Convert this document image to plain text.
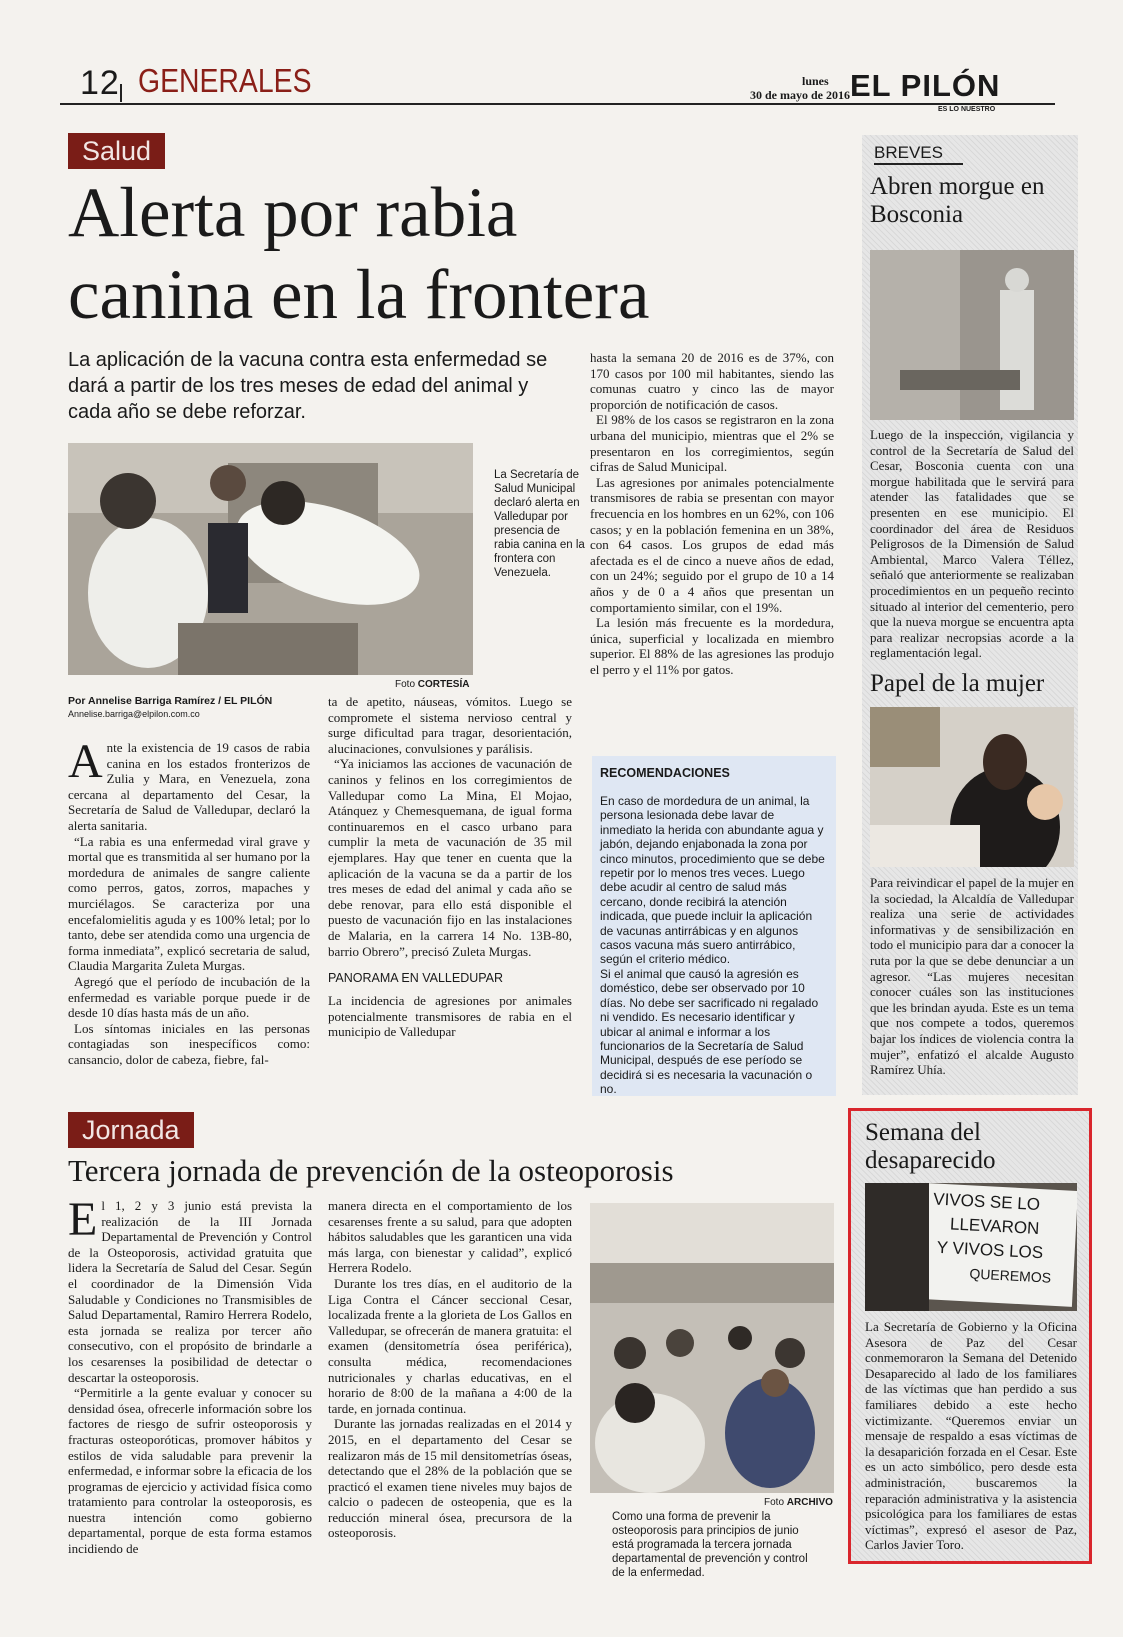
12 GENERALES	lunes
30 de mayo de 2016 EL PILÓN
ES LO NUESTRO
Salud
Alerta por rabia
canina en la frontera
La aplicación de la vacuna contra esta enfermedad se
dará a partir de los tres meses de edad del animal y
cada año se debe reforzar.
La Secretaría de Salud Municipal declaró alerta en Valledupar por presencia de rabia canina en la frontera con Venezuela.
Foto CORTESÍA
Por Annelise Barriga Ramírez / EL PILÓN
Annelise.barriga@elpilon.com.co
A nte la existencia de 19 casos de rabia canina en los estados fronterizos de Zulia y Mara, en Venezuela, zona cercana al departamento del Cesar, la Secretaría de Salud de Valledupar, declaró la alerta sanitaria.

“La rabia es una enfermedad viral grave y mortal que es transmitida al ser humano por la mordedura de animales de sangre caliente como perros, gatos, zorros, mapaches y murciélagos. Se caracteriza por una encefalomielitis aguda y es 100% letal; por lo tanto, debe ser atendida como una urgencia de forma inmediata”, explicó secretaria de salud, Claudia Margarita Zuleta Murgas.

Agregó que el período de incubación de la enfermedad es variable porque puede ir de desde 10 días hasta más de un año.

Los síntomas iniciales en las personas contagiadas son inespecíficos como: cansancio, dolor de cabeza, fiebre, fal-

ta de apetito, náuseas, vómitos. Luego se compromete el sistema nervioso central y surge dificultad para tragar, desorientación, alucinaciones, convulsiones y parálisis.

“Ya iniciamos las acciones de vacunación de caninos y felinos en los corregimientos de Valledupar como La Mina, El Mojao, Atánquez y Chemesquemana, de igual forma continuaremos en el casco urbano para cumplir la meta de vacunación de 35 mil ejemplares. Hay que tener en cuenta que la aplicación de la vacuna se da a partir de los tres meses de edad del animal y cada año se debe renovar, para ello está disponible el puesto de vacunación fijo en las instalaciones de Malaria, en la carrera 14 No. 13B-80, barrio Obrero”, precisó Zuleta Murgas.

PANORAMA EN VALLEDUPAR

La incidencia de agresiones por animales potencialmente transmisores de rabia en el municipio de Valledupar

hasta la semana 20 de 2016 es de 37%, con 170 casos por 100 mil habitantes, siendo las comunas cuatro y cinco las de mayor proporción de notificación de casos.

El 98% de los casos se registraron en la zona urbana del municipio, mientras que el 2% se presentaron en los corregimientos, según cifras de Salud Municipal.

Las agresiones por animales potencialmente transmisores de rabia se presentan con mayor frecuencia en los hombres en un 62%, con 106 casos; y en la población femenina en un 38%, con 64 casos. Los grupos de edad más afectada es el de cinco a nueve años de edad, con un 24%; seguido por el grupo de 10 a 14 años y de 0 a 4 años que presentan un comportamiento similar, con el 19%.

La lesión más frecuente es la mordedura, única, superficial y localizada en miembro superior. El 88% de las agresiones las produjo el perro y el 11% por gatos.

RECOMENDACIONES

En caso de mordedura de un animal, la persona lesionada debe lavar de inmediato la herida con abundante agua y jabón, dejando enjabonada la zona por cinco minutos, procedimiento que se debe repetir por lo menos tres veces. Luego debe acudir al centro de salud más cercano, donde recibirá la atención indicada, que puede incluir la aplicación de vacunas antirrábicas y en algunos casos vacuna más suero antirrábico, según el criterio médico.

Si el animal que causó la agresión es doméstico, debe ser observado por 10 días. No debe ser sacrificado ni regalado ni vendido. Es necesario identificar y ubicar al animal e informar a los funcionarios de la Secretaría de Salud Municipal, después de ese período se decidirá si es necesaria la vacunación o no.

BREVES
Abren morgue en Bosconia
Luego de la inspección, vigilancia y control de la Secretaría de Salud del Cesar, Bosconia cuenta con una morgue habilitada que le servirá para atender las fatalidades que se presenten en ese municipio. El coordinador del área de Residuos Peligrosos de la Dimensión de Salud Ambiental, Marco Valera Téllez, señaló que anteriormente se realizaban procedimientos en un pequeño recinto situado al interior del cementerio, pero que la nueva morgue se encuentra apta para realizar necropsias acorde a la reglamentación legal.
Papel de la mujer
Para reivindicar el papel de la mujer en la sociedad, la Alcaldía de Valledupar realiza una serie de actividades informativas y de sensibilización en todo el municipio para dar a conocer la ruta por la que se debe denunciar a un agresor. “Las mujeres necesitan conocer cuáles son las instituciones que les brindan ayuda. Este es un tema que nos compete a todos, queremos bajar los índices de violencia contra la mujer”, enfatizó el alcalde Augusto Ramírez Uhía.
Semana del
desaparecido
VIVOS SE LO
LLEVARON
Y VIVOS LOS
QUEREMOS
La Secretaría de Gobierno y la Oficina Asesora de Paz del Cesar conmemoraron la Semana del Detenido Desaparecido al lado de los familiares de las víctimas que han perdido a sus familiares debido a este hecho victimizante. “Queremos enviar un mensaje de respaldo a esas víctimas de la desaparición forzada en el Cesar. Este es un acto simbólico, pero desde esta administración, buscaremos la reparación administrativa y la asistencia psicológica para los familiares de estas víctimas”, expresó el asesor de Paz, Carlos Javier Toro.
Jornada
Tercera jornada de prevención de la osteoporosis
E l 1, 2 y 3 junio está prevista la realización de la III Jornada Departamental de Prevención y Control de la Osteoporosis, actividad gratuita que lidera la Secretaría de Salud del Cesar. Según el coordinador de la Dimensión Vida Saludable y Condiciones no Transmisibles de Salud Departamental, Ramiro Herrera Rodelo, esta jornada se realiza por tercer año consecutivo, con el propósito de brindarle a los cesarenses la posibilidad de detectar o descartar la osteoporosis.

“Permitirle a la gente evaluar y conocer su densidad ósea, ofrecerle información sobre los factores de riesgo de sufrir osteoporosis y fracturas osteoporóticas, promover hábitos y estilos de vida saludable para prevenir la enfermedad, e informar sobre la eficacia de los programas de ejercicio y actividad física como tratamiento para controlar la osteoporosis, es nuestra intención como gobierno departamental, porque de esta forma estamos incidiendo de

manera directa en el comportamiento de los cesarenses frente a su salud, para que adopten hábitos saludables que les garanticen una vida más larga, con bienestar y calidad”, explicó Herrera Rodelo.

Durante los tres días, en el auditorio de la Liga Contra el Cáncer seccional Cesar, localizada frente a la glorieta de Los Gallos en Valledupar, se ofrecerán de manera gratuita: el examen (densitometría ósea periférica), consulta médica, recomendaciones nutricionales y charlas educativas, en el horario de 8:00 de la mañana a 4:00 de la tarde, en jornada continua.

Durante las jornadas realizadas en el 2014 y 2015, en el departamento del Cesar se realizaron más de 15 mil densitometrías óseas, detectando que el 28% de la población que se practicó el examen tiene niveles muy bajos de calcio o padecen de osteopenia, que es la reducción mineral ósea, precursora de la osteoporosis.

Foto ARCHIVO
Como una forma de prevenir la osteoporosis para principios de junio está programada la tercera jornada departamental de prevención y control de la enfermedad.
